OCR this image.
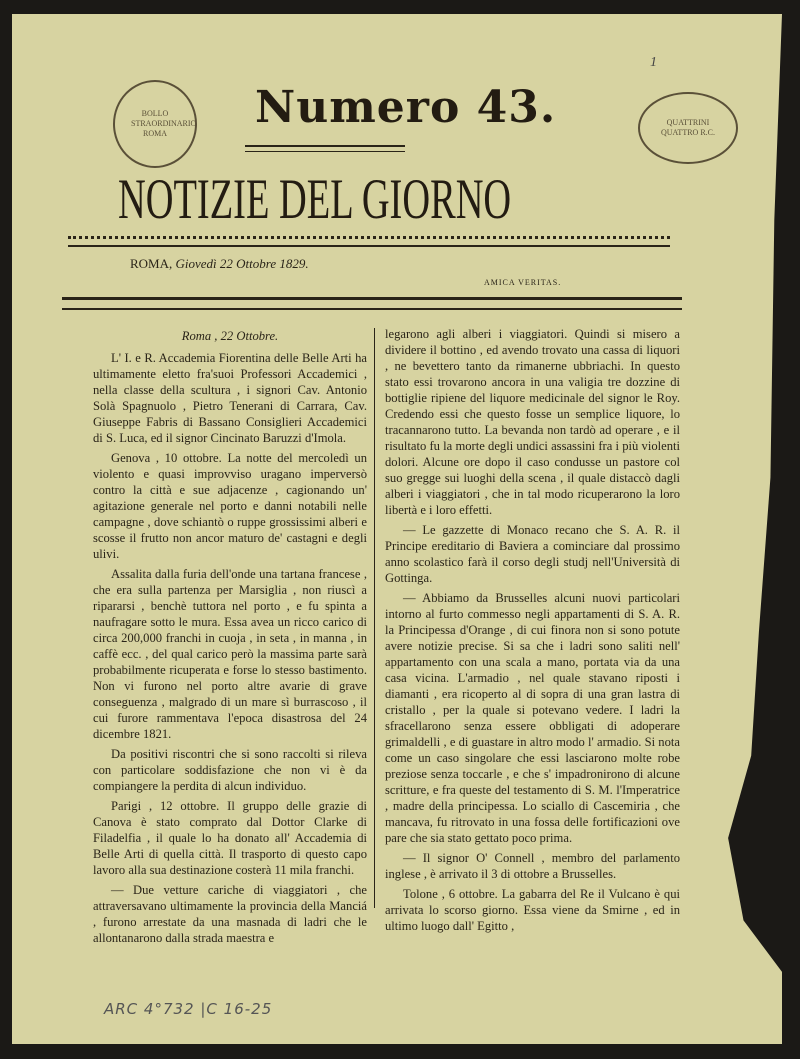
1
BOLLO STRAORDINARIO ROMA
QUATTRINI QUATTRO R.C.
Numero 43.
NOTIZIE DEL GIORNO
ROMA, Giovedì 22 Ottobre 1829.
AMICA VERITAS.
Roma , 22 Ottobre.

L' I. e R. Accademia Fiorentina delle Belle Arti ha ultimamente eletto fra'suoi Professori Accademici , nella classe della scultura , i signori Cav. Antonio Solà Spagnuolo , Pietro Tenerani di Carrara, Cav. Giuseppe Fabris di Bassano Consiglieri Accademici di S. Luca, ed il signor Cincinato Baruzzi d'Imola.

Genova , 10 ottobre. La notte del mercoledì un violento e quasi improvviso uragano imperversò contro la città e sue adjacenze , cagionando un' agitazione generale nel porto e danni notabili nelle campagne , dove schiantò o ruppe grossissimi alberi e scosse il frutto non ancor maturo de' castagni e degli ulivi.

Assalita dalla furia dell'onde una tartana francese , che era sulla partenza per Marsiglia , non riuscì a ripararsi , benchè tuttora nel porto , e fu spinta a naufragare sotto le mura. Essa avea un ricco carico di circa 200,000 franchi in cuoja , in seta , in manna , in caffè ecc. , del qual carico però la massima parte sarà probabilmente ricuperata e forse lo stesso bastimento. Non vi furono nel porto altre avarie di grave conseguenza , malgrado di un mare sì burrascoso , il cui furore rammentava l'epoca disastrosa del 24 dicembre 1821.

Da positivi riscontri che si sono raccolti si rileva con particolare soddisfazione che non vi è da compiangere la perdita di alcun individuo.

Parigi , 12 ottobre. Il gruppo delle grazie di Canova è stato comprato dal Dottor Clarke di Filadelfia , il quale lo ha donato all' Accademia di Belle Arti di quella città. Il trasporto di questo capo lavoro alla sua destinazione costerà 11 mila franchi.

— Due vetture cariche di viaggiatori , che attraversavano ultimamente la provincia della Manciá , furono arrestate da una masnada di ladri che le allontanarono dalla strada maestra e

legarono agli alberi i viaggiatori. Quindi si misero a dividere il bottino , ed avendo trovato una cassa di liquori , ne bevettero tanto da rimanerne ubbriachi. In questo stato essi trovarono ancora in una valigia tre dozzine di bottiglie ripiene del liquore medicinale del signor le Roy. Credendo essi che questo fosse un semplice liquore, lo tracannarono tutto. La bevanda non tardò ad operare , e il risultato fu la morte degli undici assassini fra i più violenti dolori. Alcune ore dopo il caso condusse un pastore col suo gregge sui luoghi della scena , il quale distaccò dagli alberi i viaggiatori , che in tal modo ricuperarono la loro libertà e i loro effetti.

— Le gazzette di Monaco recano che S. A. R. il Principe ereditario di Baviera a cominciare dal prossimo anno scolastico farà il corso degli studj nell'Università di Gottinga.

— Abbiamo da Brusselles alcuni nuovi particolari intorno al furto commesso negli appartamenti di S. A. R. la Principessa d'Orange , di cui finora non si sono potute avere notizie precise. Si sa che i ladri sono saliti nell' appartamento con una scala a mano, portata via da una casa vicina. L'armadio , nel quale stavano riposti i diamanti , era ricoperto al di sopra di una gran lastra di cristallo , per la quale si potevano vedere. I ladri la sfracellarono senza essere obbligati di adoperare grimaldelli , e di guastare in altro modo l' armadio. Si nota come un caso singolare che essi lasciarono molte robe preziose senza toccarle , e che s' impadronirono di alcune scritture, e fra queste del testamento di S. M. l'Imperatrice , madre della principessa. Lo sciallo di Cascemiria , che mancava, fu ritrovato in una fossa delle fortificazioni ove pare che sia stato gettato poco prima.

— Il signor O' Connell , membro del parlamento inglese , è arrivato il 3 di ottobre a Brusselles.

Tolone , 6 ottobre. La gabarra del Re il Vulcano è qui arrivata lo scorso giorno. Essa viene da Smirne , ed in ultimo luogo dall' Egitto ,

ARC 4°732 |C 16-25
